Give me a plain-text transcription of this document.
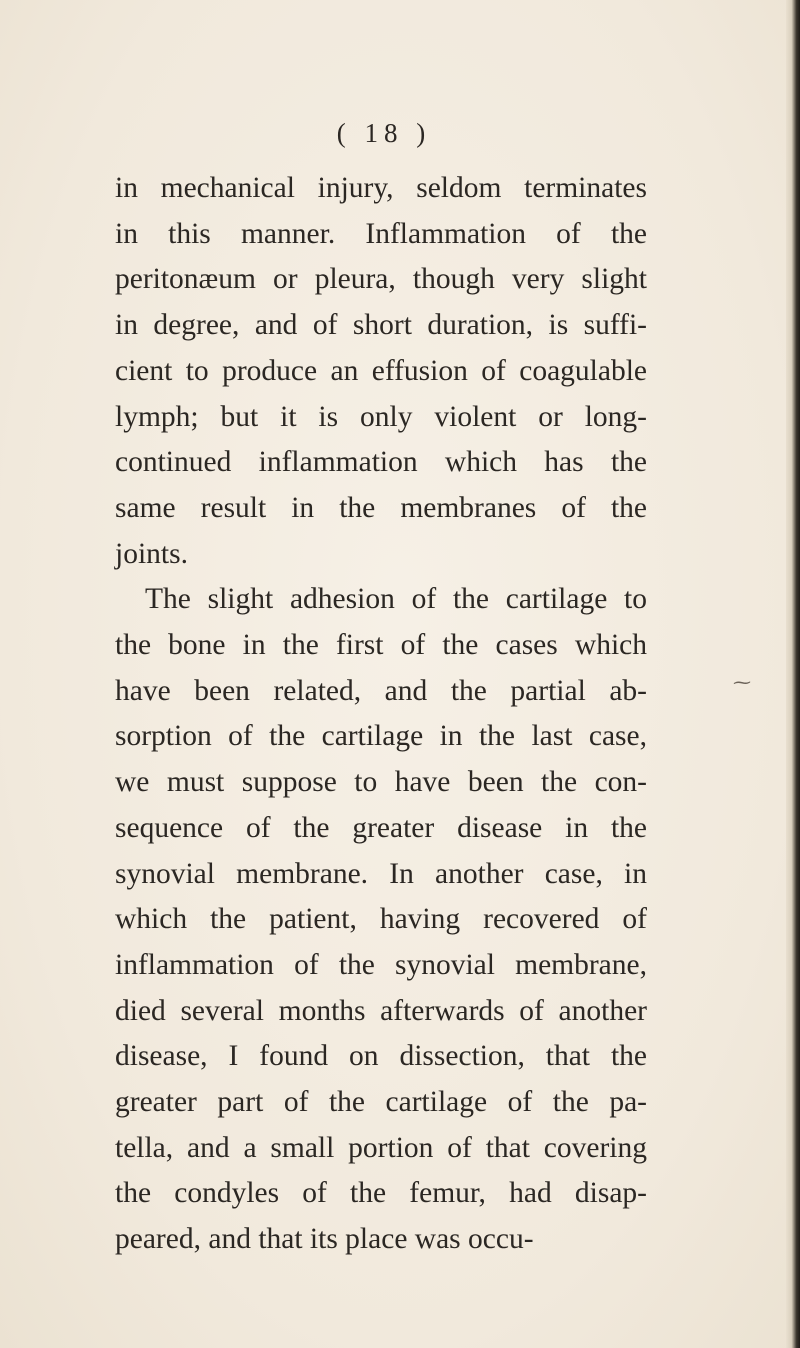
( 18 )
in mechanical injury, seldom terminates
in this manner. Inflammation of the
peritonæum or pleura, though very slight
in degree, and of short duration, is suffi-
cient to produce an effusion of coagulable
lymph; but it is only violent or long-
continued inflammation which has the
same result in the membranes of the
joints.
The slight adhesion of the cartilage to
the bone in the first of the cases which
have been related, and the partial ab-
sorption of the cartilage in the last case,
we must suppose to have been the con-
sequence of the greater disease in the
synovial membrane. In another case, in
which the patient, having recovered of
inflammation of the synovial membrane,
died several months afterwards of another
disease, I found on dissection, that the
greater part of the cartilage of the pa-
tella, and a small portion of that covering
the condyles of the femur, had disap-
peared, and that its place was occu-
⁓
